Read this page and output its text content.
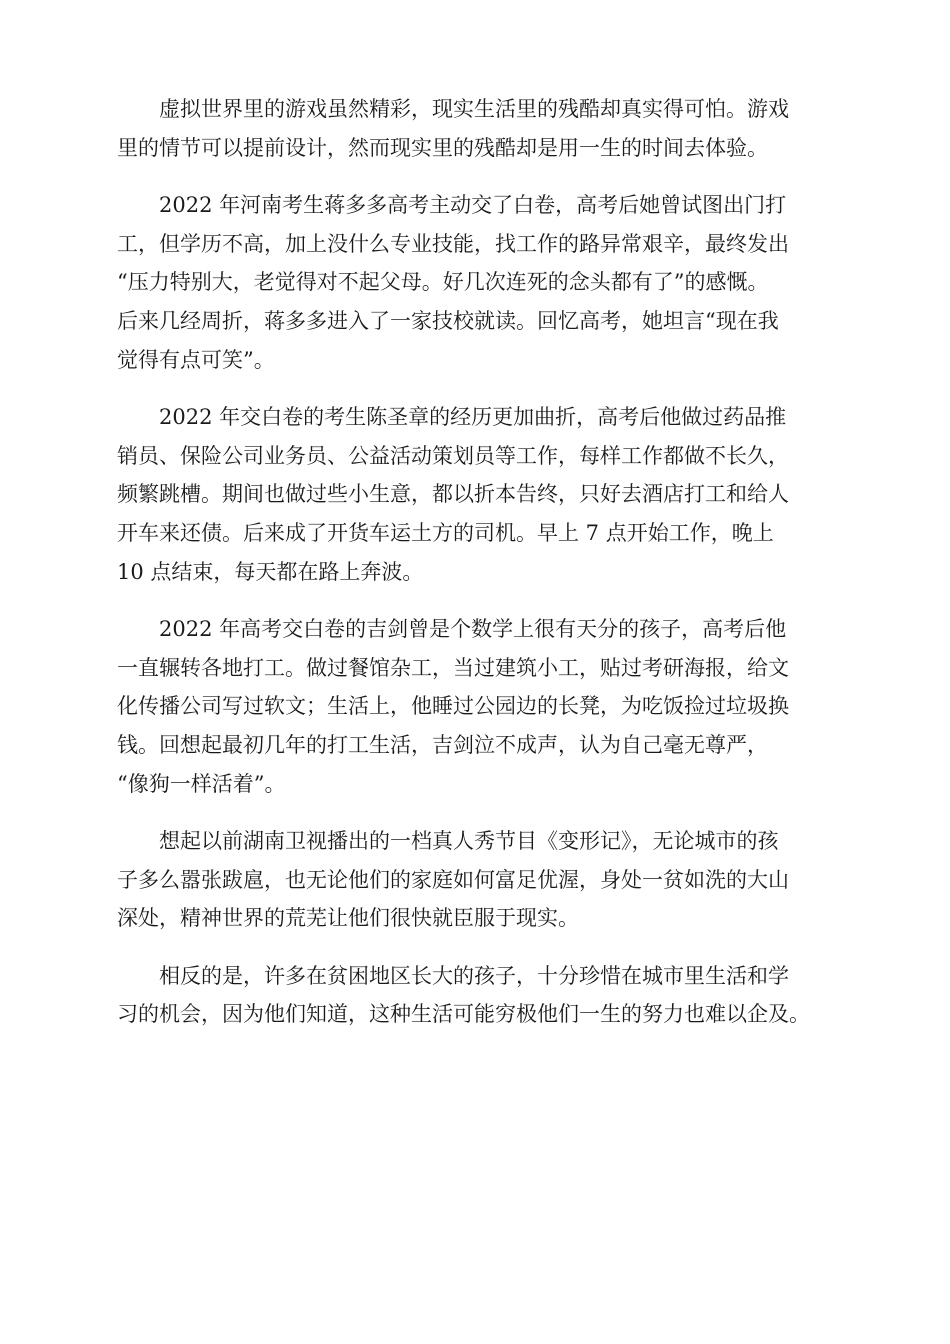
虚拟世界里的游戏虽然精彩，现实生活里的残酷却真实得可怕。游戏
里的情节可以提前设计，然而现实里的残酷却是用一生的时间去体验。

2022 年河南考生蒋多多高考主动交了白卷，高考后她曾试图出门打
工，但学历不高，加上没什么专业技能，找工作的路异常艰辛，最终发出
“压力特别大，老觉得对不起父母。好几次连死的念头都有了”的感慨。
后来几经周折，蒋多多进入了一家技校就读。回忆高考，她坦言“现在我
觉得有点可笑”。

2022 年交白卷的考生陈圣章的经历更加曲折，高考后他做过药品推
销员、保险公司业务员、公益活动策划员等工作，每样工作都做不长久，
频繁跳槽。期间也做过些小生意，都以折本告终，只好去酒店打工和给人
开车来还债。后来成了开货车运土方的司机。早上 7 点开始工作，晚上
10 点结束，每天都在路上奔波。

2022 年高考交白卷的吉剑曾是个数学上很有天分的孩子，高考后他
一直辗转各地打工。做过餐馆杂工，当过建筑小工，贴过考研海报，给文
化传播公司写过软文；生活上，他睡过公园边的长凳，为吃饭捡过垃圾换
钱。回想起最初几年的打工生活，吉剑泣不成声，认为自己毫无尊严，
“像狗一样活着”。

想起以前湖南卫视播出的一档真人秀节目《变形记》，无论城市的孩
子多么嚣张跋扈，也无论他们的家庭如何富足优渥，身处一贫如洗的大山
深处，精神世界的荒芜让他们很快就臣服于现实。

相反的是，许多在贫困地区长大的孩子，十分珍惜在城市里生活和学
习的机会，因为他们知道，这种生活可能穷极他们一生的努力也难以企及。
